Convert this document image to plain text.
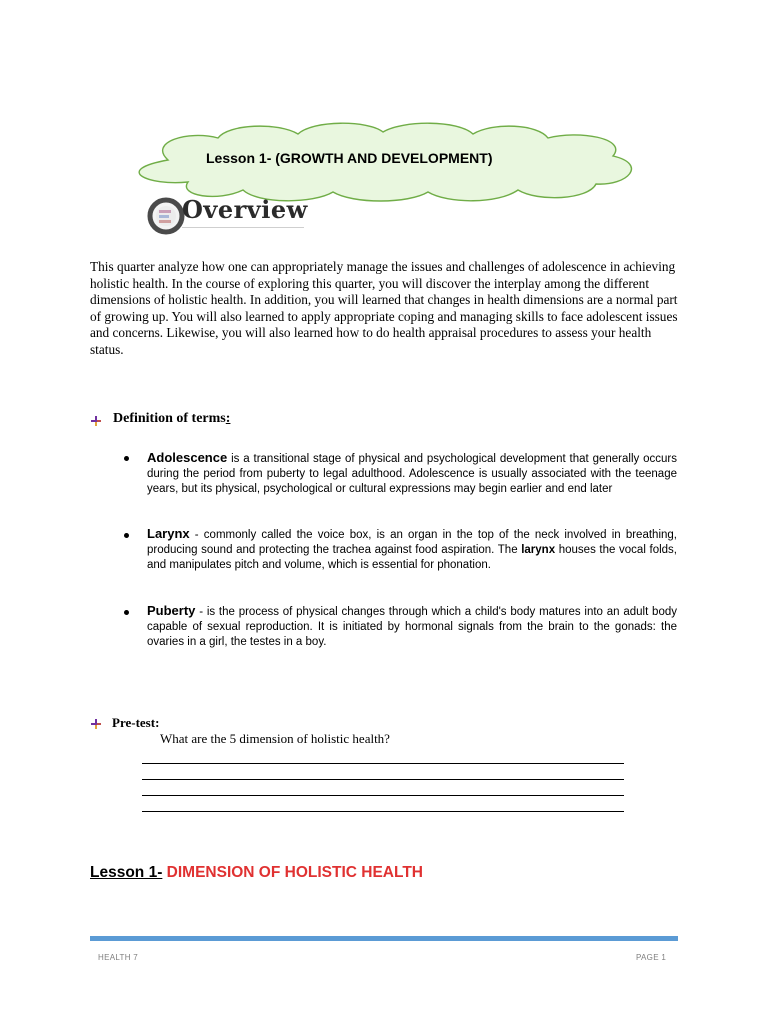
Lesson 1- (GROWTH AND DEVELOPMENT)
Overview
This quarter analyze how one can appropriately manage the issues and challenges of adolescence in achieving holistic health. In the course of exploring this quarter, you will discover the interplay among the different dimensions of holistic health. In addition, you will learned that changes in health dimensions are a normal part of growing up. You will also learned to apply appropriate coping and managing skills to face adolescent issues and concerns. Likewise, you will also learned how to do health appraisal procedures to assess your health status.
Definition of terms:
Adolescence is a transitional stage of physical and psychological development that generally occurs during the period from puberty to legal adulthood. Adolescence is usually associated with the teenage years, but its physical, psychological or cultural expressions may begin earlier and end later
Larynx - commonly called the voice box, is an organ in the top of the neck involved in breathing, producing sound and protecting the trachea against food aspiration. The larynx houses the vocal folds, and manipulates pitch and volume, which is essential for phonation.
Puberty - is the process of physical changes through which a child's body matures into an adult body capable of sexual reproduction. It is initiated by hormonal signals from the brain to the gonads: the ovaries in a girl, the testes in a boy.
Pre-test:
What are the 5 dimension of holistic health?
Lesson 1- DIMENSION OF HOLISTIC HEALTH
HEALTH 7	PAGE 1
